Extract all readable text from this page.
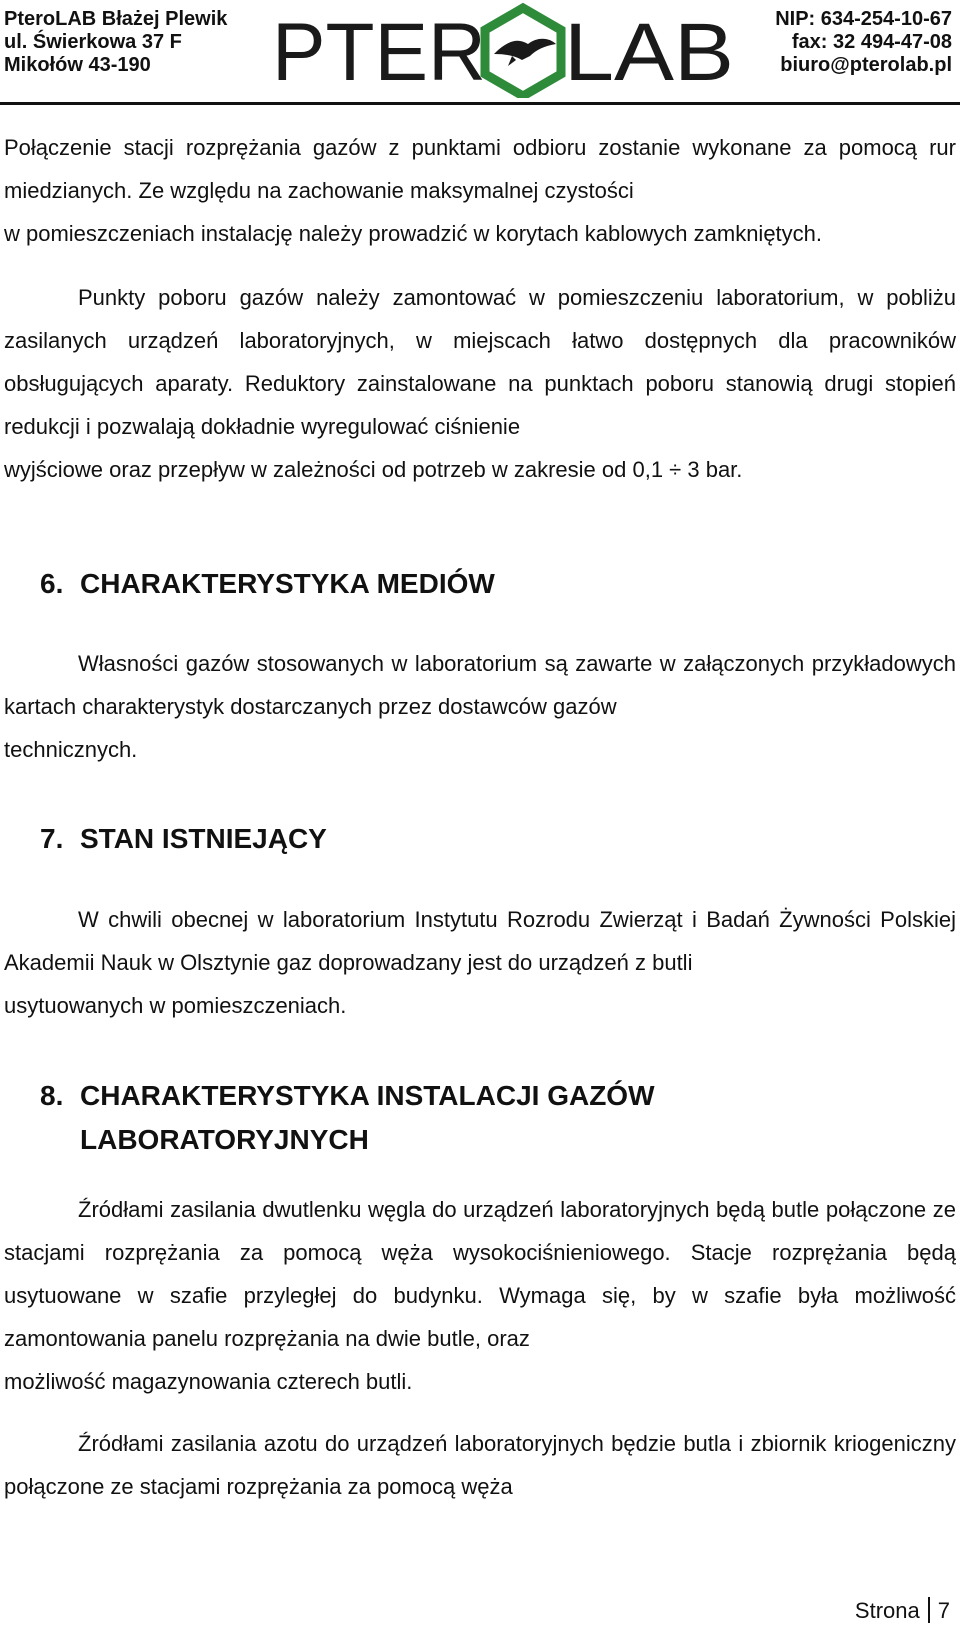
PteroLAB Błażej Plewik
ul. Świerkowa 37 F
Mikołów 43-190	PTER LAB NIP: 634-254-10-67
fax: 32 494-47-08
biuro@pterolab.pl
Połączenie stacji rozprężania gazów z punktami odbioru zostanie wykonane za pomocą rur miedzianych. Ze względu na zachowanie maksymalnej czystości
w pomieszczeniach instalację należy prowadzić w korytach kablowych zamkniętych.
Punkty poboru gazów należy zamontować w pomieszczeniu laboratorium, w pobliżu zasilanych urządzeń laboratoryjnych, w miejscach łatwo dostępnych dla pracowników obsługujących aparaty. Reduktory zainstalowane na punktach poboru stanowią drugi stopień redukcji i pozwalają dokładnie wyregulować ciśnienie
wyjściowe oraz przepływ w zależności od potrzeb w zakresie od 0,1 ÷ 3 bar.
6. CHARAKTERYSTYKA MEDIÓW
Własności gazów stosowanych w laboratorium są zawarte w załączonych przykładowych kartach charakterystyk dostarczanych przez dostawców gazów
technicznych.
7. STAN ISTNIEJĄCY
W chwili obecnej w laboratorium Instytutu Rozrodu Zwierząt i Badań Żywności Polskiej Akademii Nauk w Olsztynie gaz doprowadzany jest do urządzeń z butli
usytuowanych w pomieszczeniach.
8. CHARAKTERYSTYKA INSTALACJI GAZÓW
LABORATORYJNYCH
Źródłami zasilania dwutlenku węgla do urządzeń laboratoryjnych będą butle połączone ze stacjami rozprężania za pomocą węża wysokociśnieniowego. Stacje rozprężania będą usytuowane w szafie przyległej do budynku. Wymaga się, by w szafie była możliwość zamontowania panelu rozprężania na dwie butle, oraz
możliwość magazynowania czterech butli.
Źródłami zasilania azotu do urządzeń laboratoryjnych będzie butla i zbiornik kriogeniczny połączone ze stacjami rozprężania za pomocą węża
Strona 7
